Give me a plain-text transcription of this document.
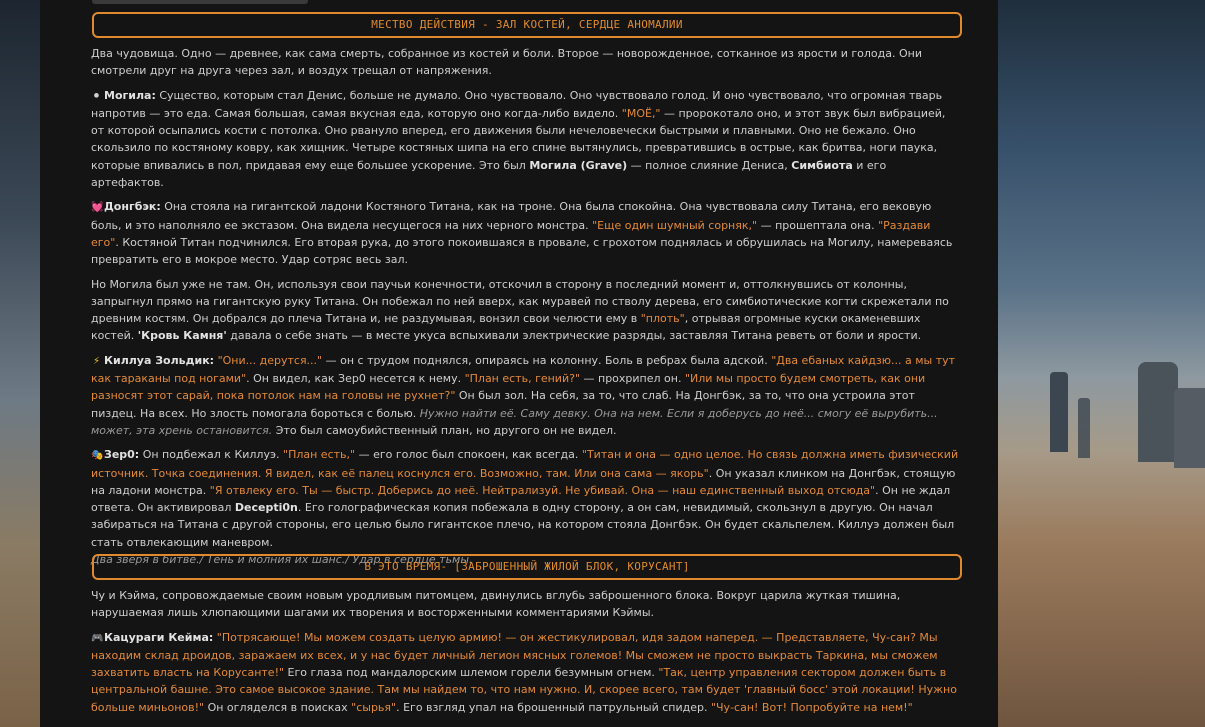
МЕСТВО ДЕЙСТВИЯ - ЗАЛ КОСТЕЙ, СЕРДЦЕ АНОМАЛИИ

Два чудовища. Одно — древнее, как сама смерть, собранное из костей и боли. Второе — новорожденное, сотканное из ярости и голода. Они смотрели друг на друга через зал, и воздух трещал от напряжения.

⚫ Могила: Существо, которым стал Денис, больше не думало. Оно чувствовало. Оно чувствовало голод. И оно чувствовало, что огромная тварь напротив — это еда. Самая большая, самая вкусная еда, которую оно когда-либо видело. "МОЁ," — пророкотало оно, и этот звук был вибрацией, от которой осыпались кости с потолка. Оно рвануло вперед, его движения были нечеловечески быстрыми и плавными. Оно не бежало. Оно скользило по костяному ковру, как хищник. Четыре костяных шипа на его спине вытянулись, превратившись в острые, как бритва, ноги паука, которые впивались в пол, придавая ему еще большее ускорение. Это был Могила (Grave) — полное слияние Дениса, Симбиота и его артефактов.

💓Донгбэк: Она стояла на гигантской ладони Костяного Титана, как на троне. Она была спокойна. Она чувствовала силу Титана, его вековую боль, и это наполняло ее экстазом. Она видела несущегося на них черного монстра. "Еще один шумный сорняк," — прошептала она. "Раздави его". Костяной Титан подчинился. Его вторая рука, до этого покоившаяся в провале, с грохотом поднялась и обрушилась на Могилу, намереваясь превратить его в мокрое место. Удар сотряс весь зал.

Но Могила был уже не там. Он, используя свои паучьи конечности, отскочил в сторону в последний момент и, оттолкнувшись от колонны, запрыгнул прямо на гигантскую руку Титана. Он побежал по ней вверх, как муравей по стволу дерева, его симбиотические когти скрежетали по древним костям. Он добрался до плеча Титана и, не раздумывая, вонзил свои челюсти ему в "плоть", отрывая огромные куски окаменевших костей. 'Кровь Камня' давала о себе знать — в месте укуса вспыхивали электрические разряды, заставляя Титана реветь от боли и ярости.

⚡ Киллуа Зольдик: "Они... дерутся..." — он с трудом поднялся, опираясь на колонну. Боль в ребрах была адской. "Два ебаных кайдзю... а мы тут как тараканы под ногами". Он видел, как Зер0 несется к нему. "План есть, гений?" — прохрипел он. "Или мы просто будем смотреть, как они разносят этот сарай, пока потолок нам на головы не рухнет?" Он был зол. На себя, за то, что слаб. На Донгбэк, за то, что она устроила этот пиздец. На всех. Но злость помогала бороться с болью. Нужно найти её. Саму девку. Она на нем. Если я доберусь до неё... смогу её вырубить... может, эта хрень остановится. Это был самоубийственный план, но другого он не видел.

🎭Зер0: Он подбежал к Киллуэ. "План есть," — его голос был спокоен, как всегда. "Титан и она — одно целое. Но связь должна иметь физический источник. Точка соединения. Я видел, как её палец коснулся его. Возможно, там. Или она сама — якорь". Он указал клинком на Донгбэк, стоящую на ладони монстра. "Я отвлеку его. Ты — быстр. Доберись до неё. Нейтрализуй. Не убивай. Она — наш единственный выход отсюда". Он не ждал ответа. Он активировал Decepti0n. Его голографическая копия побежала в одну сторону, а он сам, невидимый, скользнул в другую. Он начал забираться на Титана с другой стороны, его целью было гигантское плечо, на котором стояла Донгбэк. Он будет скальпелем. Киллуэ должен был стать отвлекающим маневром.
Два зверя в битве./ Тень и молния их шанс./ Удар в сердце тьмы.

В ЭТО ВРЕМЯ- [ЗАБРОШЕННЫЙ ЖИЛОЙ БЛОК, КОРУСАНТ]

Чу и Кэйма, сопровождаемые своим новым уродливым питомцем, двинулись вглубь заброшенного блока. Вокруг царила жуткая тишина, нарушаемая лишь хлюпающими шагами их творения и восторженными комментариями Кэймы.

🎮Кацураги Кейма: "Потрясающе! Мы можем создать целую армию! — он жестикулировал, идя задом наперед. — Представляете, Чу-сан? Мы находим склад дроидов, заражаем их всех, и у нас будет личный легион мясных големов! Мы сможем не просто выкрасть Таркина, мы сможем захватить власть на Корусанте!" Его глаза под мандалорским шлемом горели безумным огнем. "Так, центр управления сектором должен быть в центральной башне. Это самое высокое здание. Там мы найдем то, что нам нужно. И, скорее всего, там будет 'главный босс' этой локации! Нужно больше миньонов!" Он огляделся в поисках "сырья". Его взгляд упал на брошенный патрульный спидер. "Чу-сан! Вот! Попробуйте на нем!"
